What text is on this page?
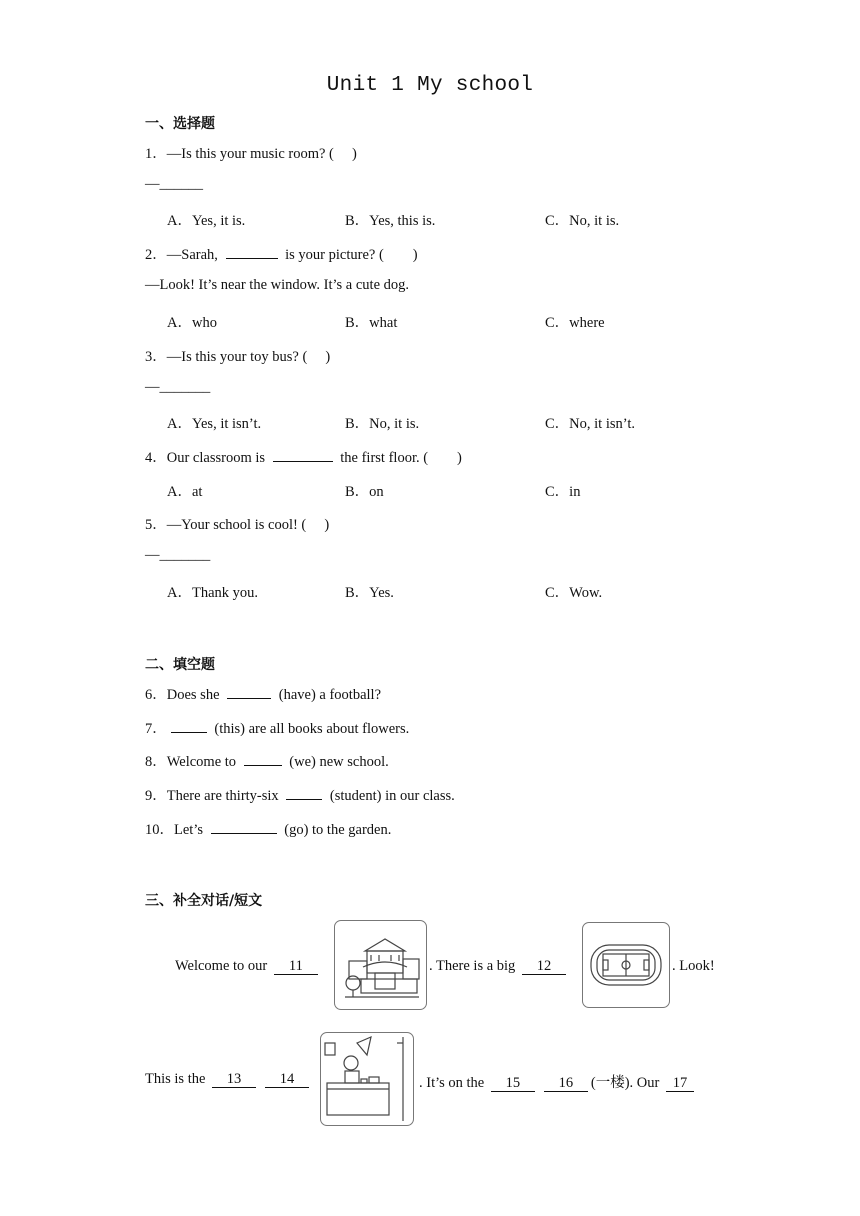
Unit 1 My school
一、选择题
1．—Is this your music room? (　 )
—______
A．Yes, it is.	B．Yes, this is.	C．No, it is.
2．—Sarah,	is your picture? (　　)
—Look! It’s near the window. It’s a cute dog.
A．who	B．what	C．where
3．—Is this your toy bus? (　 )
—_______
A．Yes, it isn’t.	B．No, it is.	C．No, it isn’t.
4．Our classroom is	the first floor. (　　)
A．at	B．on	C．in
5．—Your school is cool! (　 )
—_______
A．Thank you.	B．Yes.	C．Wow.
二、填空题
6．Does she	(have) a football?
7．	(this) are all books about flowers.
8．Welcome to	(we) new school.
9．There are thirty-six	(student) in our class.
10．Let’s	(go) to the garden.
三、补全对话/短文
Welcome to our 11	. There is a big 12	. Look!
This is the 13	14	. It’s on the 15	16 (一楼). Our 17
